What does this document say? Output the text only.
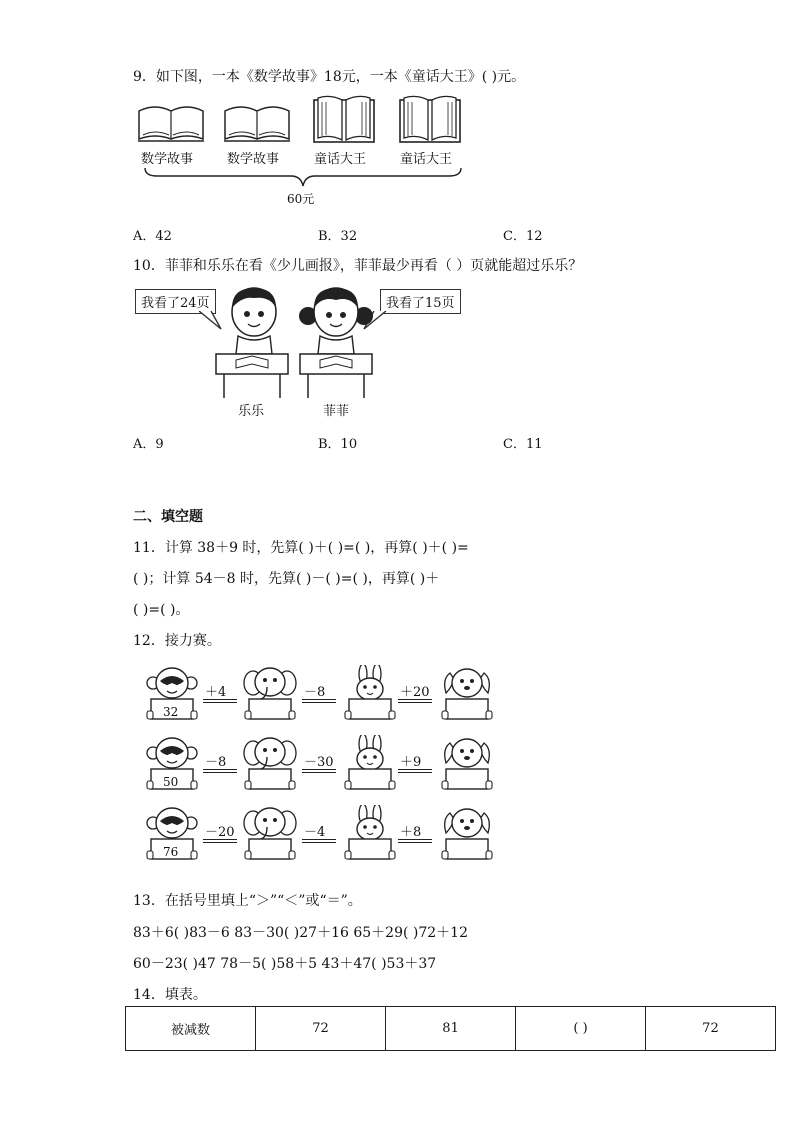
9．如下图，一本《数学故事》18元，一本《童话大王》( )元。
数学故事	数学故事	童话大王	童话大王
60元
A．42	B．32	C．12
10．菲菲和乐乐在看《少儿画报》，菲菲最少再看（ ）页就能超过乐乐？
我看了24页	我看了15页
乐乐	菲菲
A．9	B．10	C．11
二、填空题
11．计算 38＋9 时，先算( )＋( )=( )，再算( )＋( )=
( )；计算 54－8 时，先算( )－( )=( )，再算( )＋
( )=( )。
12．接力赛。
32
＋4	－8	＋20
50
－8	－30	＋9
76
－20	－4	＋8
13．在括号里填上“＞”“＜”或“＝”。
83＋6( )83－6 83－30( )27＋16 65＋29( )72＋12
60－23( )47 78－5( )58＋5 43＋47( )53＋37
14．填表。
被减数	72	81	( )	72
